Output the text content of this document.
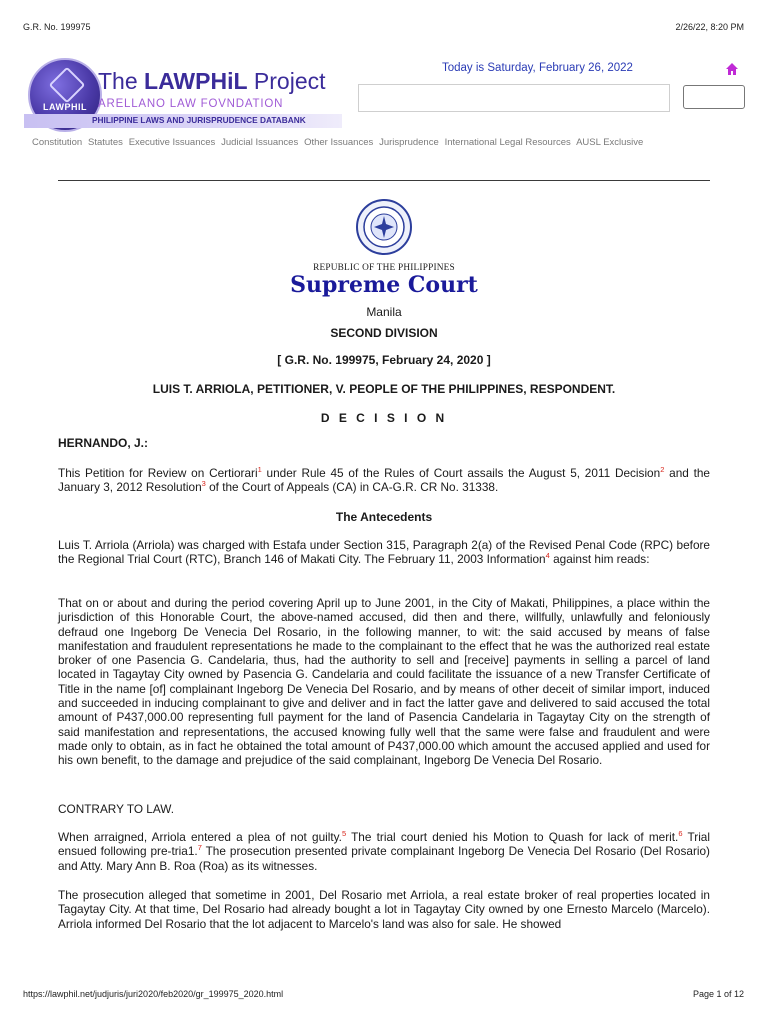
G.R. No. 199975	2/26/22, 8:20 PM
LAWPHIL
The LAWPHiL Project
ARELLANO LAW FOVNDATION
PHILIPPINE LAWS AND JURISPRUDENCE DATABANK
Today is Saturday, February 26, 2022
Constitution Statutes Executive Issuances Judicial Issuances Other Issuances Jurisprudence International Legal Resources AUSL Exclusive
REPUBLIC OF THE PHILIPPINES
Supreme Court
Manila
SECOND DIVISION
[ G.R. No. 199975, February 24, 2020 ]
LUIS T. ARRIOLA, PETITIONER, V. PEOPLE OF THE PHILIPPINES, RESPONDENT.
D E C I S I O N
HERNANDO, J.:
This Petition for Review on Certiorari$^1$ under Rule 45 of the Rules of Court assails the August 5, 2011 Decision$^2$ and the January 3, 2012 Resolution$^3$ of the Court of Appeals (CA) in CA-G.R. CR No. 31338.
The Antecedents
Luis T. Arriola (Arriola) was charged with Estafa under Section 315, Paragraph 2(a) of the Revised Penal Code (RPC) before the Regional Trial Court (RTC), Branch 146 of Makati City. The February 11, 2003 Information$^4$ against him reads:
That on or about and during the period covering April up to June 2001, in the City of Makati, Philippines, a place within the jurisdiction of this Honorable Court, the above-named accused, did then and there, willfully, unlawfully and feloniously defraud one Ingeborg De Venecia Del Rosario, in the following manner, to wit: the said accused by means of false manifestation and fraudulent representations he made to the complainant to the effect that he was the authorized real estate broker of one Pasencia G. Candelaria, thus, had the authority to sell and [receive] payments in selling a parcel of land located in Tagaytay City owned by Pasencia G. Candelaria and could facilitate the issuance of a new Transfer Certificate of Title in the name [of] complainant Ingeborg De Venecia Del Rosario, and by means of other deceit of similar import, induced and succeeded in inducing complainant to give and deliver and in fact the latter gave and delivered to said accused the total amount of P437,000.00 representing full payment for the land of Pasencia Candelaria in Tagaytay City on the strength of said manifestation and representations, the accused knowing fully well that the same were false and fraudulent and were made only to obtain, as in fact he obtained the total amount of P437,000.00 which amount the accused applied and used for his own benefit, to the damage and prejudice of the said complainant, Ingeborg De Venecia Del Rosario.
CONTRARY TO LAW.
When arraigned, Arriola entered a plea of not guilty.$^5$ The trial court denied his Motion to Quash for lack of merit.$^6$ Trial ensued following pre-tria1.$^7$ The prosecution presented private complainant Ingeborg De Venecia Del Rosario (Del Rosario) and Atty. Mary Ann B. Roa (Roa) as its witnesses.
The prosecution alleged that sometime in 2001, Del Rosario met Arriola, a real estate broker of real properties located in Tagaytay City. At that time, Del Rosario had already bought a lot in Tagaytay City owned by one Ernesto Marcelo (Marcelo). Arriola informed Del Rosario that the lot adjacent to Marcelo's land was also for sale. He showed
https://lawphil.net/judjuris/juri2020/feb2020/gr_199975_2020.html	Page 1 of 12
